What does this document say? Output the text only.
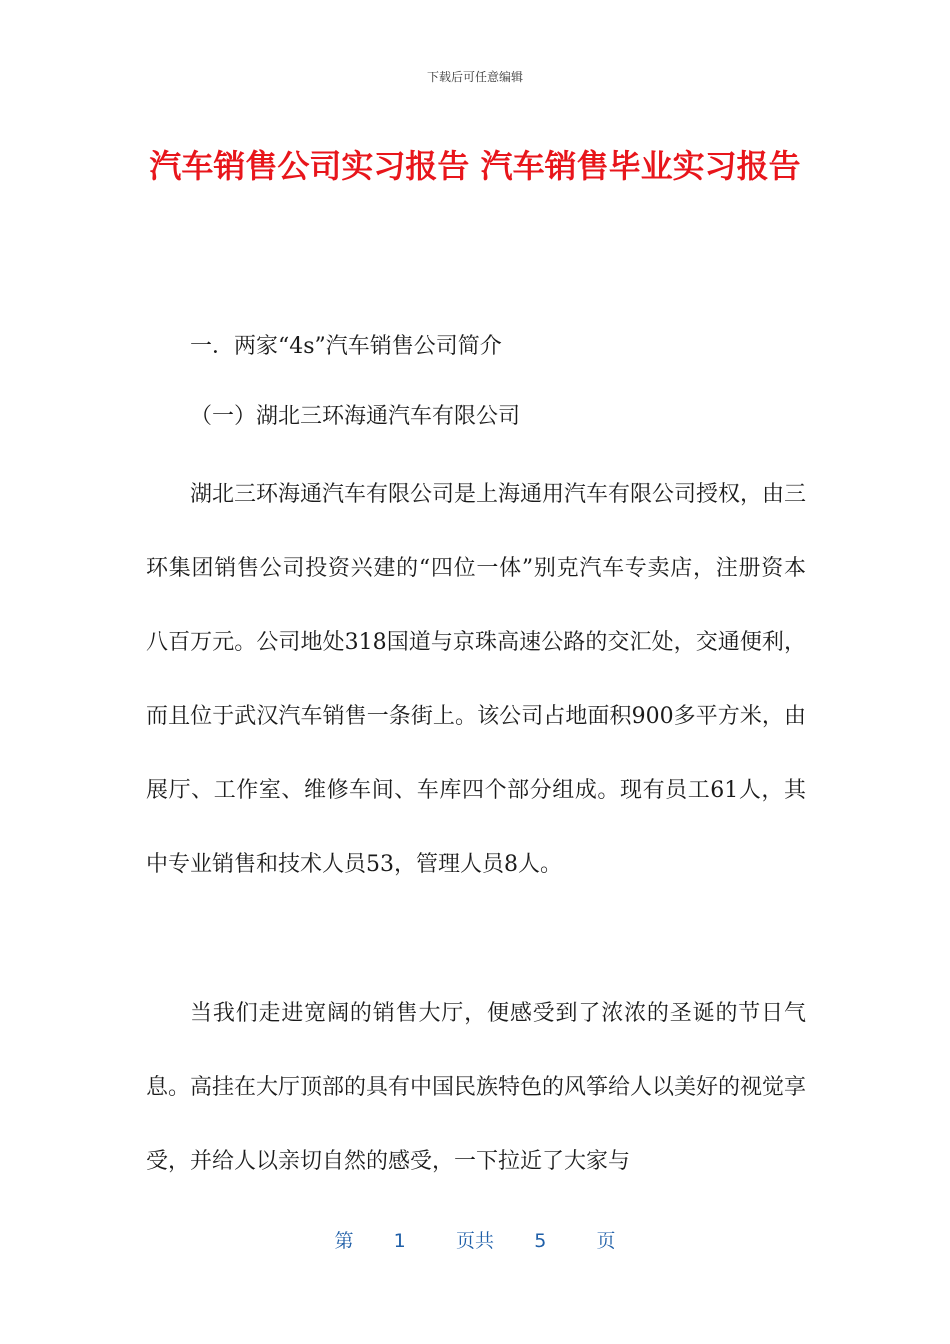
下载后可任意编辑
汽车销售公司实习报告 汽车销售毕业实习报告

一．两家“4s”汽车销售公司简介

（一）湖北三环海通汽车有限公司

湖北三环海通汽车有限公司是上海通用汽车有限公司授权，由三环集团销售公司投资兴建的“四位一体”别克汽车专卖店，注册资本八百万元。公司地处318国道与京珠高速公路的交汇处，交通便利，而且位于武汉汽车销售一条街上。该公司占地面积900多平方米，由展厅、工作室、维修车间、车库四个部分组成。现有员工61人，其中专业销售和技术人员53，管理人员8人。

当我们走进宽阔的销售大厅，便感受到了浓浓的圣诞的节日气息。高挂在大厅顶部的具有中国民族特色的风筝给人以美好的视觉享受，并给人以亲切自然的感受，一下拉近了大家与

第 1	页共 5	页
